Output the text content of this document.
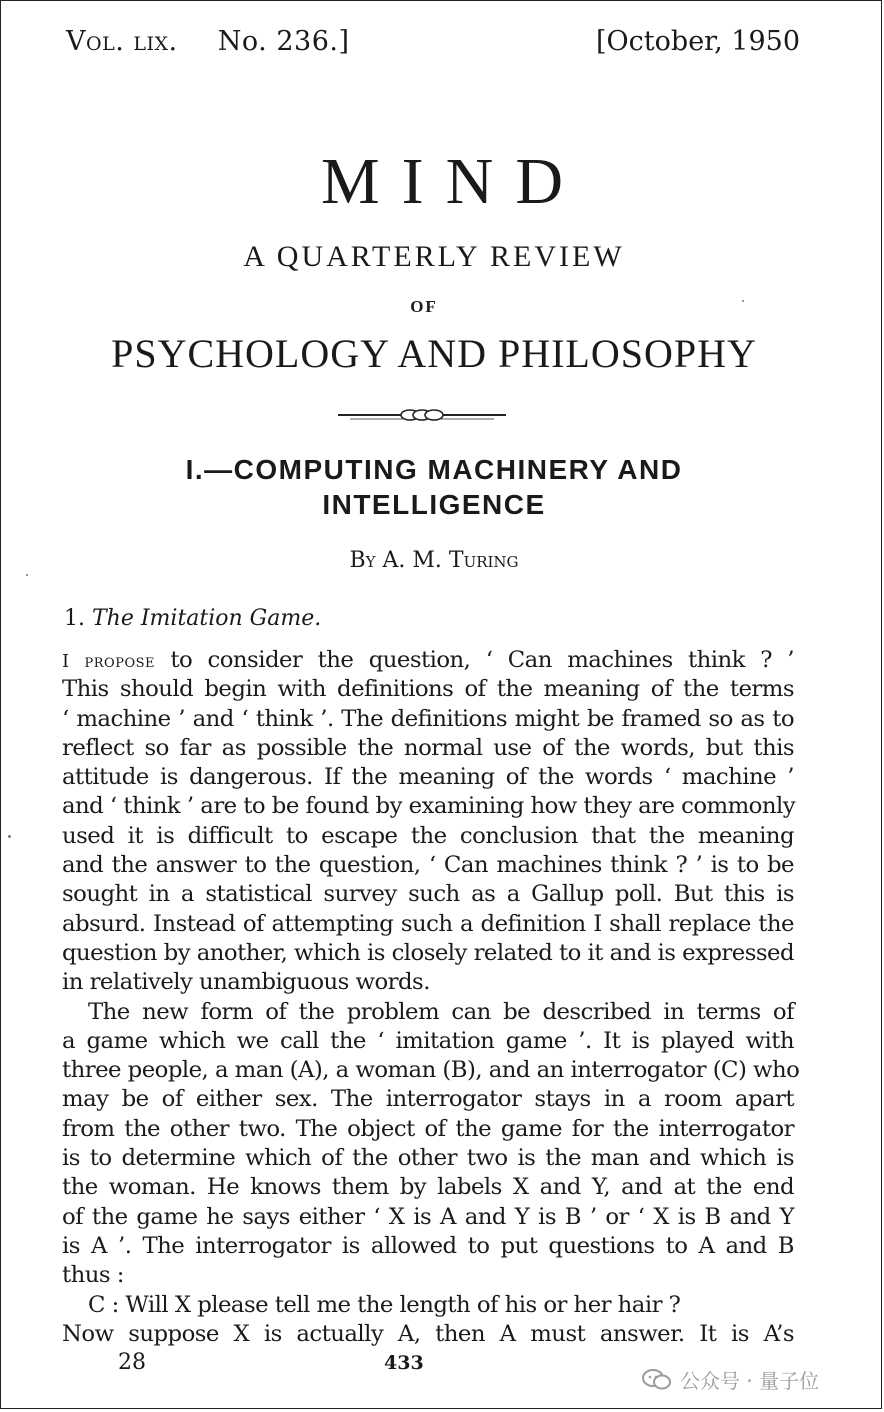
Vol. lix. No. 236.]	[October, 1950
MIND
A QUARTERLY REVIEW
OF
PSYCHOLOGY AND PHILOSOPHY
I.—COMPUTING MACHINERY AND
INTELLIGENCE
By A. M. Turing
1. The Imitation Game.

I propose to consider the question, ‘ Can machines think ? ’
This should begin with definitions of the meaning of the terms
‘ machine ’ and ‘ think ’. The definitions might be framed so as to
reflect so far as possible the normal use of the words, but this
attitude is dangerous. If the meaning of the words ‘ machine ’
and ‘ think ’ are to be found by examining how they are commonly
used it is difficult to escape the conclusion that the meaning
and the answer to the question, ‘ Can machines think ? ’ is to be
sought in a statistical survey such as a Gallup poll. But this is
absurd. Instead of attempting such a definition I shall replace the
question by another, which is closely related to it and is expressed
in relatively unambiguous words.

The new form of the problem can be described in terms of
a game which we call the ‘ imitation game ’. It is played with
three people, a man (A), a woman (B), and an interrogator (C) who
may be of either sex. The interrogator stays in a room apart
from the other two. The object of the game for the interrogator
is to determine which of the other two is the man and which is
the woman. He knows them by labels X and Y, and at the end
of the game he says either ‘ X is A and Y is B ’ or ‘ X is B and Y
is A ’. The interrogator is allowed to put questions to A and B
thus :

C : Will X please tell me the length of his or her hair ?

Now suppose X is actually A, then A must answer. It is A’s

28	433
公众号 · 量子位
